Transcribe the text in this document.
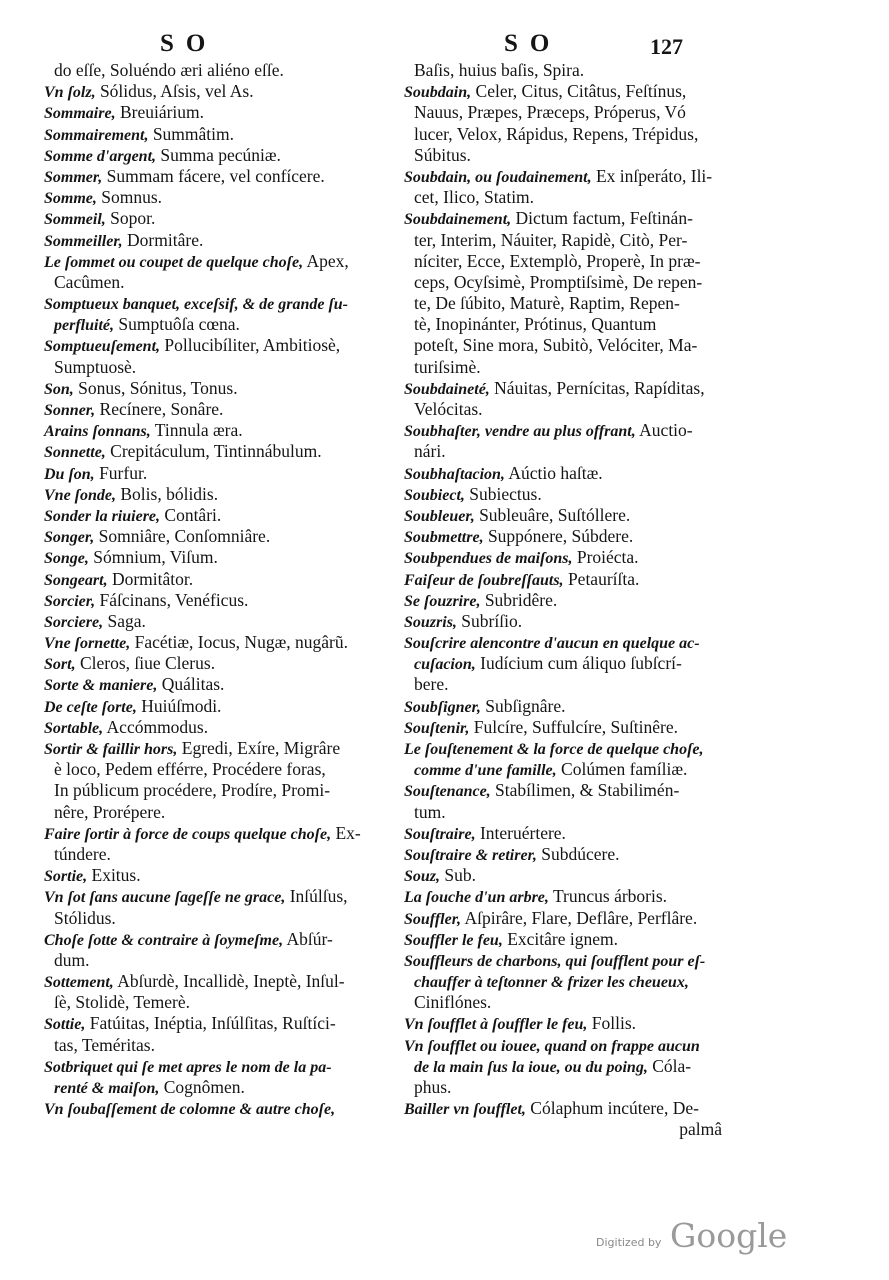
SO	SO	127
do eſſe, Soluéndo æri aliéno eſſe.
Vn ſolz, Sólidus, Aſsis, vel As.
Sommaire, Breuiárium.
Sommairement, Summâtim.
Somme d'argent, Summa pecúniæ.
Sommer, Summam fácere, vel confícere.
Somme, Somnus.
Sommeil, Sopor.
Sommeiller, Dormitâre.
Le ſommet ou coupet de quelque choſe, Apex,
Cacûmen.
Somptueux banquet, exceſsif, & de grande ſu-
perfluité, Sumptuôſa cœna.
Somptueuſement, Pollucibíliter, Ambitiosè,
Sumptuosè.
Son, Sonus, Sónitus, Tonus.
Sonner, Recínere, Sonâre.
Arains ſonnans, Tinnula æra.
Sonnette, Crepitáculum, Tintinnábulum.
Du ſon, Furfur.
Vne ſonde, Bolis, bólidis.
Sonder la riuiere, Contâri.
Songer, Somniâre, Conſomniâre.
Songe, Sómnium, Viſum.
Songeart, Dormitâtor.
Sorcier, Fáſcinans, Venéficus.
Sorciere, Saga.
Vne ſornette, Facétiæ, Iocus, Nugæ, nugârũ.
Sort, Cleros, ſiue Clerus.
Sorte & maniere, Quálitas.
De ceſte ſorte, Huiúſmodi.
Sortable, Accómmodus.
Sortir & faillir hors, Egredi, Exíre, Migrâre
è loco, Pedem efférre, Procédere foras,
In públicum procédere, Prodíre, Promi-
nêre, Prorépere.
Faire ſortir à force de coups quelque choſe, Ex-
túndere.
Sortie, Exitus.
Vn ſot ſans aucune ſageſſe ne grace, Inſúlſus,
Stólidus.
Choſe ſotte & contraire à ſoymeſme, Abſúr-
dum.
Sottement, Abſurdè, Incallidè, Ineptè, Inſul-
ſè, Stolidè, Temerè.
Sottie, Fatúitas, Inéptia, Inſúlſitas, Ruſtíci-
tas, Teméritas.
Sotbriquet qui ſe met apres le nom de la pa-
renté & maiſon, Cognômen.
Vn ſoubaſſement de colomne & autre choſe,
Baſis, huius baſis, Spira.
Soubdain, Celer, Citus, Citâtus, Feſtínus,
Nauus, Præpes, Præceps, Próperus, Vó
lucer, Velox, Rápidus, Repens, Trépidus,
Súbitus.
Soubdain, ou ſoudainement, Ex inſperáto, Ili-
cet, Ilico, Statim.
Soubdainement, Dictum factum, Feſtinán-
ter, Interim, Náuiter, Rapidè, Citò, Per-
níciter, Ecce, Extemplò, Properè, In præ-
ceps, Ocyſsimè, Promptiſsimè, De repen-
te, De ſúbito, Maturè, Raptim, Repen-
tè, Inopinánter, Prótinus, Quantum
poteſt, Sine mora, Subitò, Velóciter, Ma-
turiſsimè.
Soubdaineté, Náuitas, Pernícitas, Rapíditas,
Velócitas.
Soubhaſter, vendre au plus offrant, Auctio-
nári.
Soubhaſtacion, Aúctio haſtæ.
Soubiect, Subiectus.
Soubleuer, Subleuâre, Suſtóllere.
Soubmettre, Suppónere, Súbdere.
Soubpendues de maiſons, Proiécta.
Faiſeur de ſoubreſſauts, Petauríſta.
Se ſouzrire, Subridêre.
Souzris, Subríſio.
Souſcrire alencontre d'aucun en quelque ac-
cuſacion, Iudícium cum áliquo ſubſcrí-
bere.
Soubſigner, Subſignâre.
Souſtenir, Fulcíre, Suffulcíre, Suſtinêre.
Le ſouſtenement & la force de quelque choſe,
comme d'une famille, Colúmen famíliæ.
Souſtenance, Stabílimen, & Stabilimén-
tum.
Souſtraire, Interuértere.
Souſtraire & retirer, Subdúcere.
Souz, Sub.
La ſouche d'un arbre, Truncus árboris.
Souffler, Aſpirâre, Flare, Deflâre, Perflâre.
Souffler le feu, Excitâre ignem.
Souffleurs de charbons, qui ſoufflent pour eſ-
chauffer à teſtonner & frizer les cheueux,
Ciniflónes.
Vn ſoufflet à ſouffler le feu, Follis.
Vn ſoufflet ou iouee, quand on frappe aucun
de la main ſus la ioue, ou du poing, Cóla-
phus.
Bailler vn ſoufflet, Cólaphum incútere, De-
palmâ
Digitized by Google
